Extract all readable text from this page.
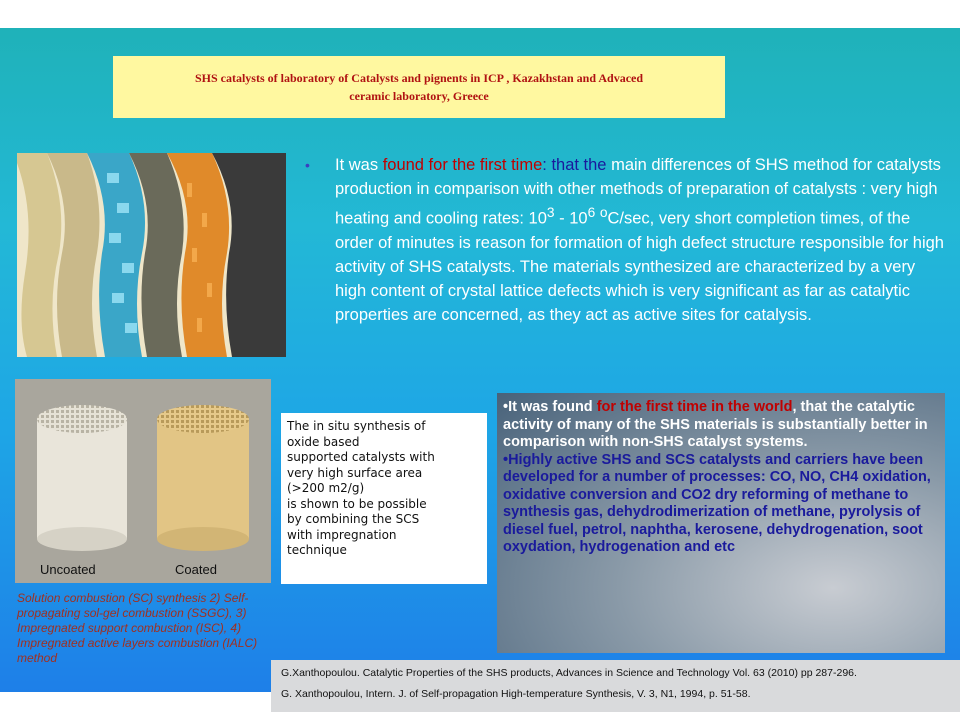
SHS catalysts of laboratory of Catalysts and pignents in ICP , Kazakhstan and Advaced
ceramic laboratory, Greece
• It was found for the first time: that the main differences of SHS method for catalysts production in comparison with other methods of preparation of catalysts : very high heating and cooling rates: $10^3 - 10^6$ $^o$C/sec, very short completion times, of the order of minutes is reason for formation of high defect structure responsible for high activity of SHS catalysts. The materials synthesized are characterized by a very high content of crystal lattice defects which is very significant as far as catalytic properties are concerned, as they act as active sites for catalysis.

Uncoated	Coated
The in situ synthesis of
oxide based
supported catalysts with
very high surface area
(>200 m2/g)
is shown to be possible
by combining the SCS
with impregnation
technique
•It was found for the first time in the world, that the catalytic activity of many of the SHS materials is substantially better in comparison with non-SHS catalyst systems.
•Highly active SHS and SCS catalysts and carriers have been developed for a number of processes: CO, NO, CH4 oxidation, oxidative conversion and CO2 dry reforming of methane to synthesis gas, dehydrodimerization of methane, pyrolysis of diesel fuel, petrol, naphtha, kerosene, dehydrogenation, soot oxydation, hydrogenation and etc
Solution combustion (SC) synthesis 2) Self-propagating sol-gel combustion (SSGC), 3) Impregnated support combustion (ISC), 4) Impregnated active layers combustion (IALC) method
G.Xanthopoulou. Catalytic Properties of the SHS products, Advances in Science and Technology Vol. 63 (2010) pp 287-296.
G. Xanthopoulou, Intern. J. of Self-propagation High-temperature Synthesis, V. 3, N1, 1994, p. 51-58.
